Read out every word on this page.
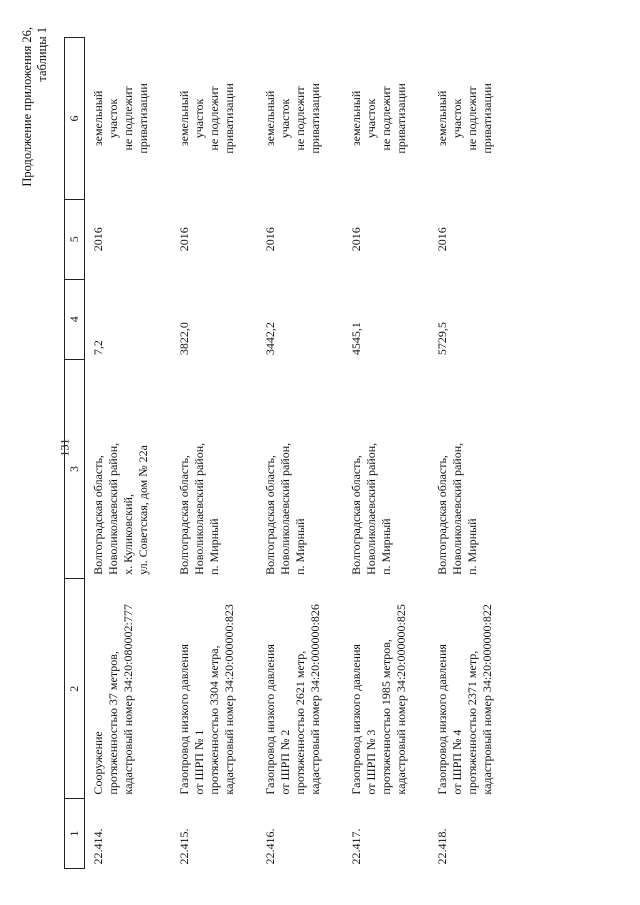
131
Продолжение приложения 26, таблицы 1
1	2	3	4	5	6
22.414.	Сооружение
протяженностью 37 метров,
кадастровый номер 34:20:080002:777	Волгоградская область,
Новоликолаевский район,
х. Куликовский,
ул. Советская, дом № 22а	7,2	2016	земельный
участок
не подлежит
приватизации
22.415.	Газопровод низкого давления
от ШРП № 1
протяженностью 3304 метра,
кадастровый номер 34:20:000000:823	Волгоградская область,
Новоликолаевский район,
п. Мирный	3822,0	2016	земельный
участок
не подлежит
приватизации
22.416.	Газопровод низкого давления
от ШРП № 2
протяженностью 2621 метр,
кадастровый номер 34:20:000000:826	Волгоградская область,
Новоликолаевский район,
п. Мирный	3442,2	2016	земельный
участок
не подлежит
приватизации
22.417.	Газопровод низкого давления
от ШРП № 3
протяженностью 1985 метров,
кадастровый номер 34:20:000000:825	Волгоградская область,
Новоликолаевский район,
п. Мирный	4545,1	2016	земельный
участок
не подлежит
приватизации
22.418.	Газопровод низкого давления
от ШРП № 4
протяженностью 2371 метр,
кадастровый номер 34:20:000000:822	Волгоградская область,
Новоликолаевский район,
п. Мирный	5729,5	2016	земельный
участок
не подлежит
приватизации
